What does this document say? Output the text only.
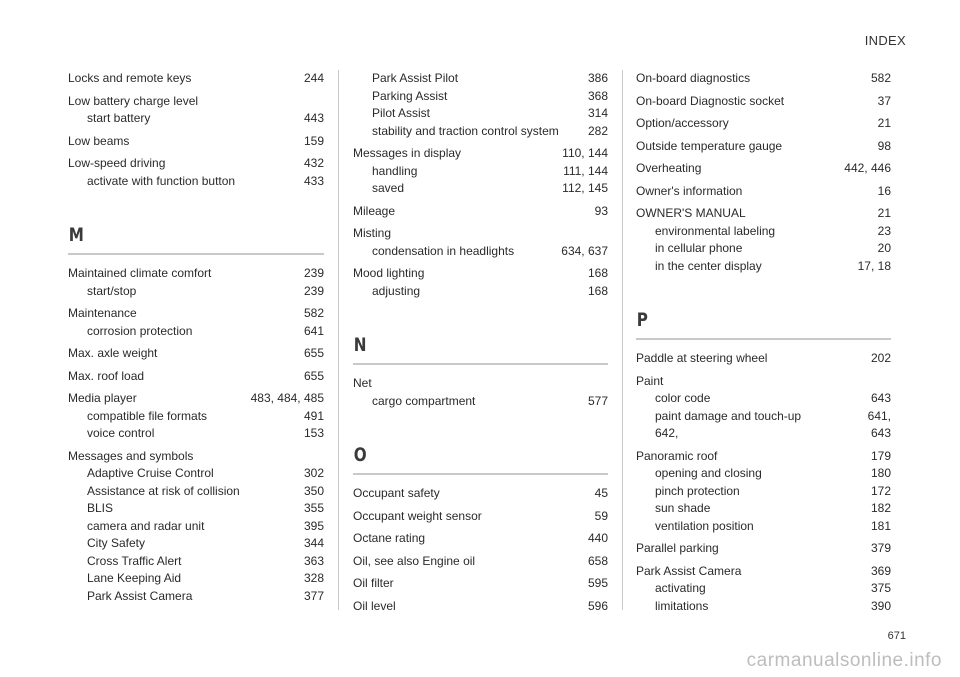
INDEX
Locks and remote keys	244
Low battery charge level
start battery	443
Low beams	159
Low-speed driving	432
activate with function button	433
M
Maintained climate comfort	239
start/stop	239
Maintenance	582
corrosion protection	641
Max. axle weight	655
Max. roof load	655
Media player	483, 484, 485
compatible file formats	491
voice control	153
Messages and symbols
Adaptive Cruise Control	302
Assistance at risk of collision	350
BLIS	355
camera and radar unit	395
City Safety	344
Cross Traffic Alert	363
Lane Keeping Aid	328
Park Assist Camera	377
Park Assist Pilot	386
Parking Assist	368
Pilot Assist	314
stability and traction control system	282
Messages in display	110, 144
handling	111, 144
saved	112, 145
Mileage	93
Misting
condensation in headlights	634, 637
Mood lighting	168
adjusting	168
N
Net
cargo compartment	577
O
Occupant safety	45
Occupant weight sensor	59
Octane rating	440
Oil, see also Engine oil	658
Oil filter	595
Oil level	596
On-board diagnostics	582
On-board Diagnostic socket	37
Option/accessory	21
Outside temperature gauge	98
Overheating	442, 446
Owner's information	16
OWNER'S MANUAL	21
environmental labeling	23
in cellular phone	20
in the center display	17, 18
P
Paddle at steering wheel	202
Paint
color code	643
paint damage and touch-up	641,
642,	643
Panoramic roof	179
opening and closing	180
pinch protection	172
sun shade	182
ventilation position	181
Parallel parking	379
Park Assist Camera	369
activating	375
limitations	390
671
carmanualsonline.info
